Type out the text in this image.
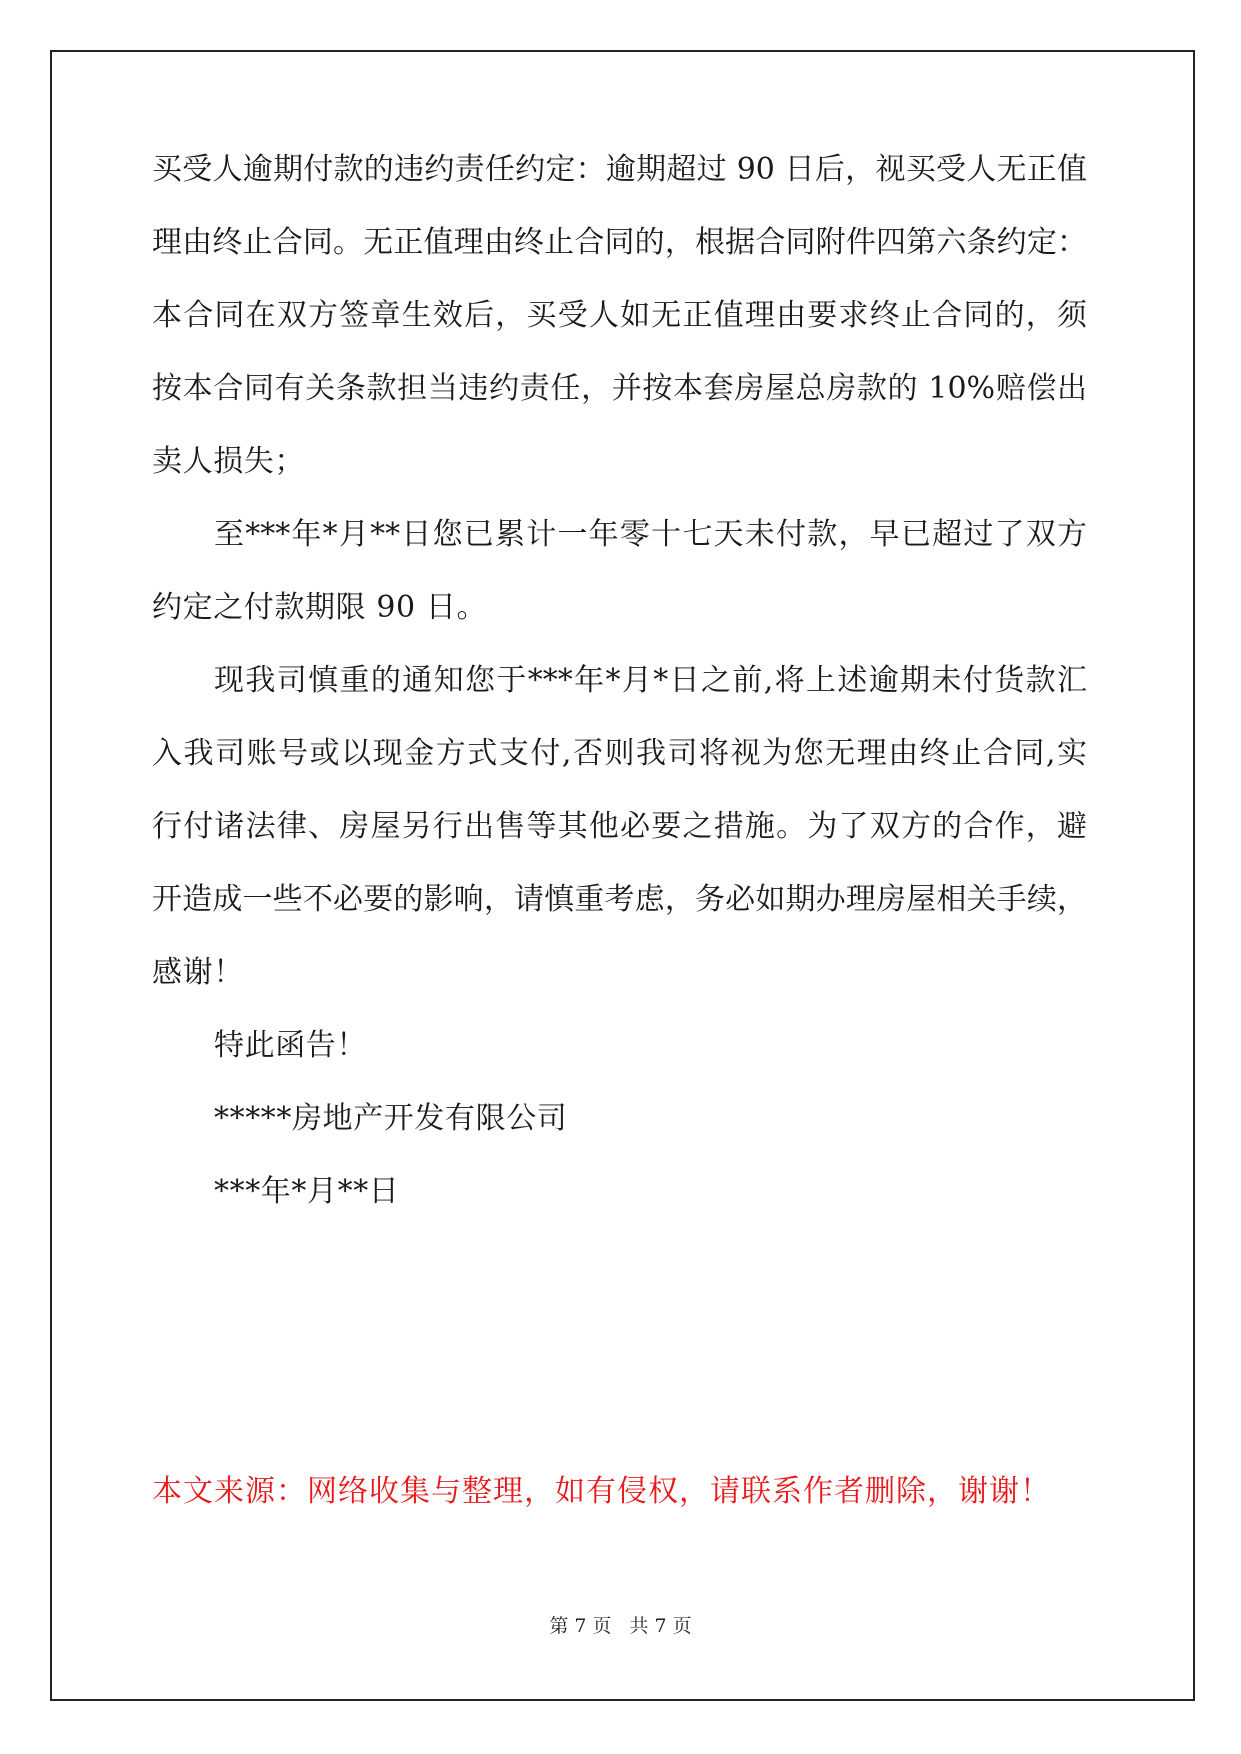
买受人逾期付款的违约责任约定：逾期超过 90 日后，视买受人无正值
理由终止合同。无正值理由终止合同的，根据合同附件四第六条约定：
本合同在双方签章生效后，买受人如无正值理由要求终止合同的，须
按本合同有关条款担当违约责任，并按本套房屋总房款的 10%赔偿出
卖人损失；
至***年*月**日您已累计一年零十七天未付款，早已超过了双方
约定之付款期限 90 日。
现我司慎重的通知您于***年*月*日之前,将上述逾期未付货款汇
入我司账号或以现金方式支付,否则我司将视为您无理由终止合同,实
行付诸法律、房屋另行出售等其他必要之措施。为了双方的合作，避
开造成一些不必要的影响，请慎重考虑，务必如期办理房屋相关手续，
感谢！
特此函告！
*****房地产开发有限公司
***年*月**日
本文来源：网络收集与整理，如有侵权，请联系作者删除，谢谢！
第 7 页 共 7 页
